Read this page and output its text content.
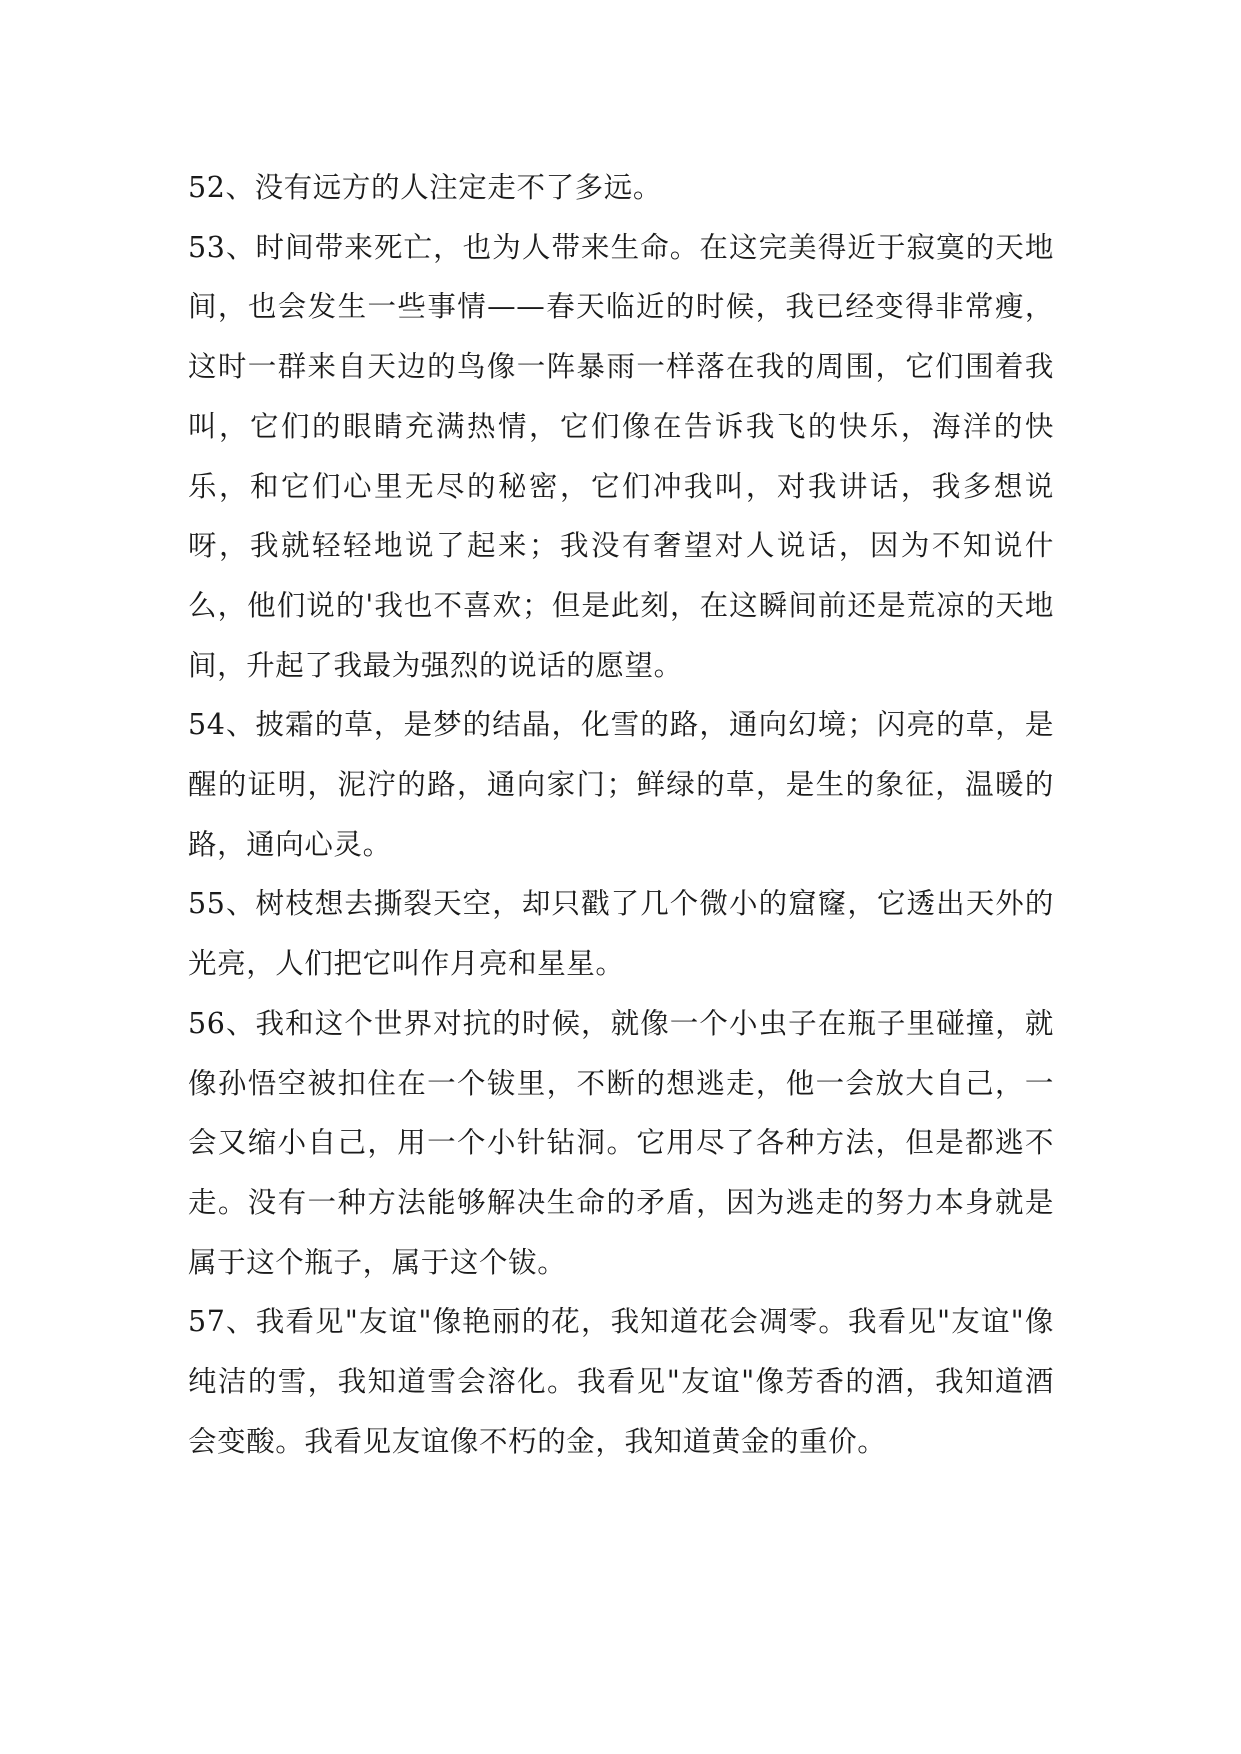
52、没有远方的人注定走不了多远。

53、时间带来死亡，也为人带来生命。在这完美得近于寂寞的天地间，也会发生一些事情——春天临近的时候，我已经变得非常瘦，这时一群来自天边的鸟像一阵暴雨一样落在我的周围，它们围着我叫，它们的眼睛充满热情，它们像在告诉我飞的快乐，海洋的快乐，和它们心里无尽的秘密，它们冲我叫，对我讲话，我多想说呀，我就轻轻地说了起来；我没有奢望对人说话，因为不知说什么，他们说的'我也不喜欢；但是此刻，在这瞬间前还是荒凉的天地间，升起了我最为强烈的说话的愿望。

54、披霜的草，是梦的结晶，化雪的路，通向幻境；闪亮的草，是醒的证明，泥泞的路，通向家门；鲜绿的草，是生的象征，温暖的路，通向心灵。

55、树枝想去撕裂天空，却只戳了几个微小的窟窿，它透出天外的光亮，人们把它叫作月亮和星星。

56、我和这个世界对抗的时候，就像一个小虫子在瓶子里碰撞，就像孙悟空被扣住在一个钹里，不断的想逃走，他一会放大自己，一会又缩小自己，用一个小针钻洞。它用尽了各种方法，但是都逃不走。没有一种方法能够解决生命的矛盾，因为逃走的努力本身就是属于这个瓶子，属于这个钹。

57、我看见"友谊"像艳丽的花，我知道花会凋零。我看见"友谊"像纯洁的雪，我知道雪会溶化。我看见"友谊"像芳香的酒，我知道酒会变酸。我看见友谊像不朽的金，我知道黄金的重价。
